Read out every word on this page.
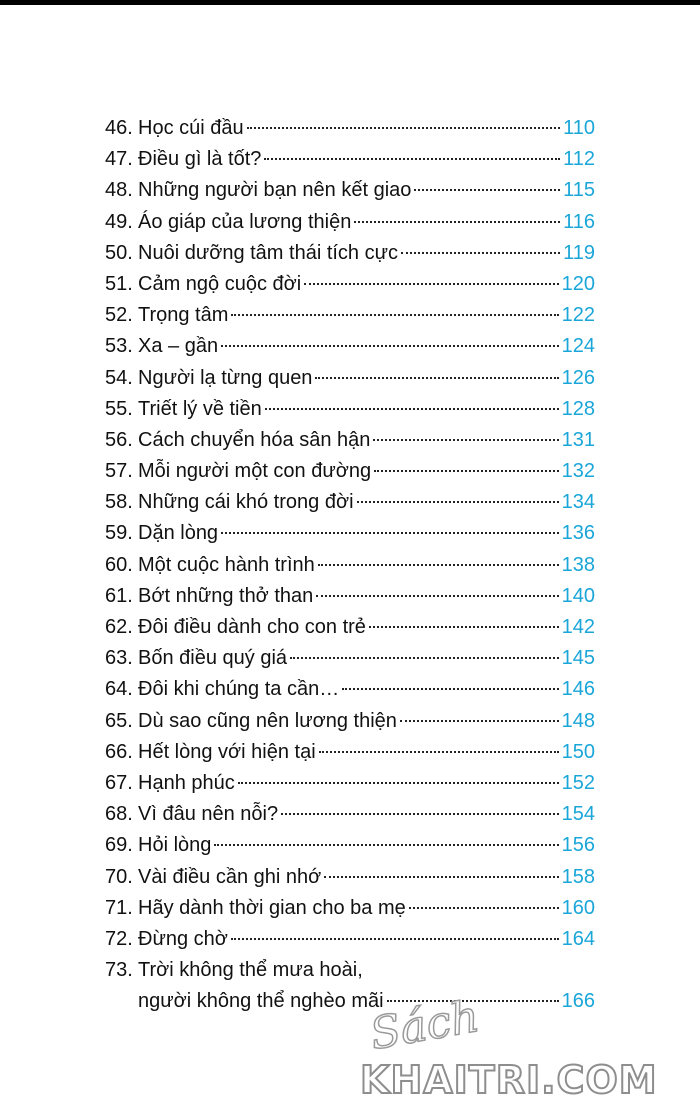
46. Học cúi đầu	110
47. Điều gì là tốt?	112
48. Những người bạn nên kết giao	115
49. Áo giáp của lương thiện	116
50. Nuôi dưỡng tâm thái tích cực	119
51. Cảm ngộ cuộc đời	120
52. Trọng tâm	122
53. Xa – gần	124
54. Người lạ từng quen	126
55. Triết lý về tiền	128
56. Cách chuyển hóa sân hận	131
57. Mỗi người một con đường	132
58. Những cái khó trong đời	134
59. Dặn lòng	136
60. Một cuộc hành trình	138
61. Bớt những thở than	140
62. Đôi điều dành cho con trẻ	142
63. Bốn điều quý giá	145
64. Đôi khi chúng ta cần…	146
65. Dù sao cũng nên lương thiện	148
66. Hết lòng với hiện tại	150
67. Hạnh phúc	152
68. Vì đâu nên nỗi?	154
69. Hỏi lòng	156
70. Vài điều cần ghi nhớ	158
71. Hãy dành thời gian cho ba mẹ	160
72. Đừng chờ	164
73. Trời không thể mưa hoài,
người không thể nghèo mãi	166
Sách
KHAITRI.COM
